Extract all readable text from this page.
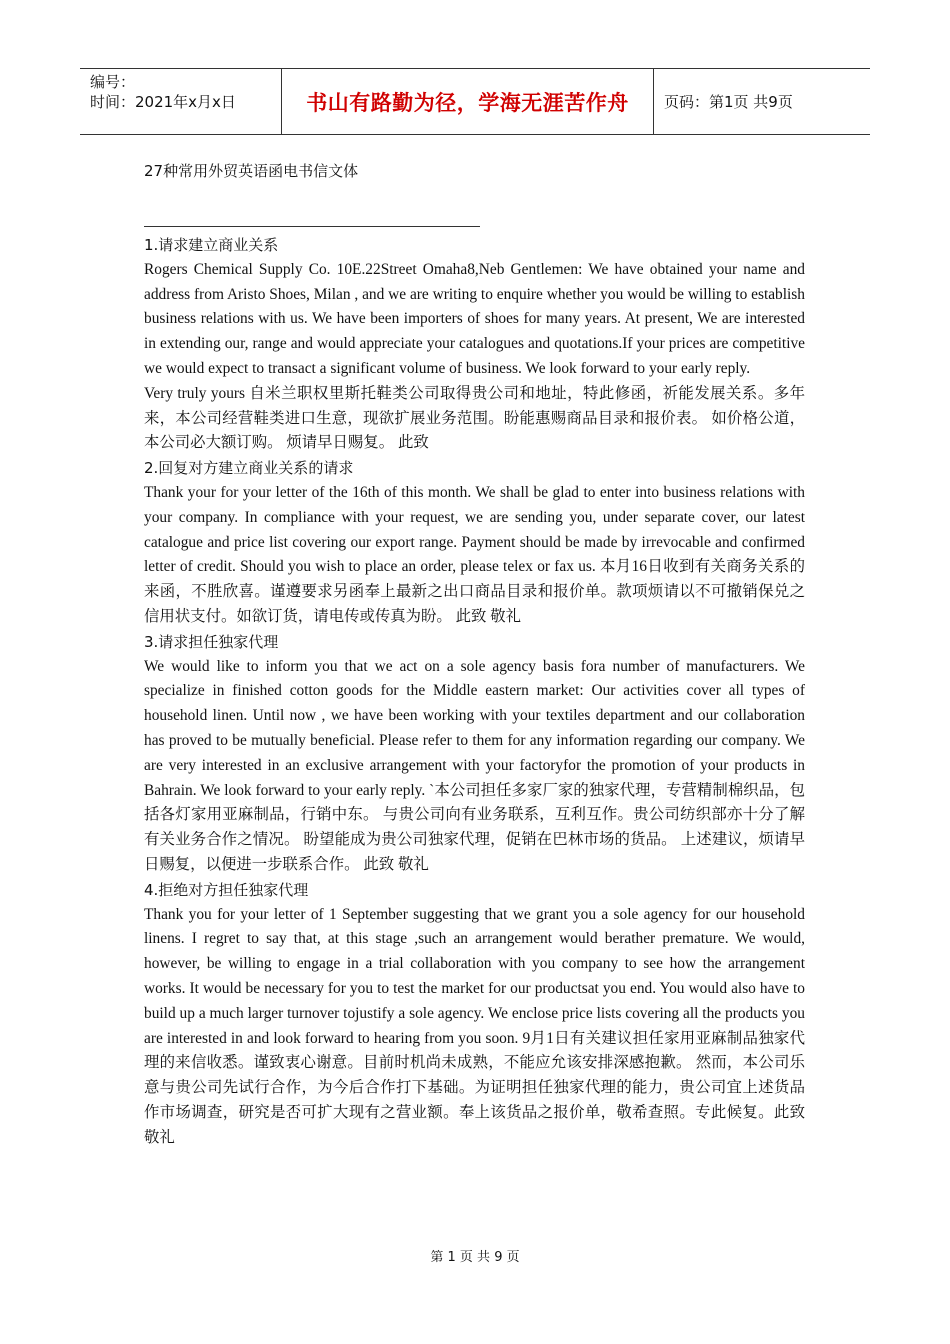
编号：
时间：2021年x月x日	书山有路勤为径，学海无涯苦作舟	页码：第1页 共9页
27种常用外贸英语函电书信文体

1.请求建立商业关系

Rogers Chemical Supply Co. 10E.22Street Omaha8,Neb Gentlemen: We have obtained your name and address from Aristo Shoes, Milan , and we are writing to enquire whether you would be willing to establish business relations with us. We have been importers of shoes for many years. At present, We are interested in extending our, range and would appreciate your catalogues and quotations.If your prices are competitive we would expect to transact a significant volume of business. We look forward to your early reply.

Very truly yours 自米兰职权里斯托鞋类公司取得贵公司和地址，特此修函，祈能发展关系。多年来，本公司经营鞋类进口生意，现欲扩展业务范围。盼能惠赐商品目录和报价表。 如价格公道，本公司必大额订购。 烦请早日赐复。 此致

2.回复对方建立商业关系的请求

Thank your for your letter of the 16th of this month. We shall be glad to enter into business relations with your company. In compliance with your request, we are sending you, under separate cover, our latest catalogue and price list covering our export range. Payment should be made by irrevocable and confirmed letter of credit. Should you wish to place an order, please telex or fax us. 本月16日收到有关商务关系的来函，不胜欣喜。谨遵要求另函奉上最新之出口商品目录和报价单。款项烦请以不可撤销保兑之信用状支付。如欲订货，请电传或传真为盼。 此致 敬礼

3.请求担任独家代理

We would like to inform you that we act on a sole agency basis fora number of manufacturers. We specialize in finished cotton goods for the Middle eastern market: Our activities cover all types of household linen. Until now , we have been working with your textiles department and our collaboration has proved to be mutually beneficial. Please refer to them for any information regarding our company. We are very interested in an exclusive arrangement with your factoryfor the promotion of your products in Bahrain. We look forward to your early reply. `本公司担任多家厂家的独家代理，专营精制棉织品，包括各灯家用亚麻制品，行销中东。 与贵公司向有业务联系，互利互作。贵公司纺织部亦十分了解有关业务合作之情况。 盼望能成为贵公司独家代理，促销在巴林市场的货品。 上述建议，烦请早日赐复，以便进一步联系合作。 此致 敬礼

4.拒绝对方担任独家代理

Thank you for your letter of 1 September suggesting that we grant you a sole agency for our household linens. I regret to say that, at this stage ,such an arrangement would berather premature. We would, however, be willing to engage in a trial collaboration with you company to see how the arrangement works. It would be necessary for you to test the market for our productsat you end. You would also have to build up a much larger turnover tojustify a sole agency. We enclose price lists covering all the products you are interested in and look forward to hearing from you soon. 9月1日有关建议担任家用亚麻制品独家代理的来信收悉。谨致衷心谢意。目前时机尚未成熟，不能应允该安排深感抱歉。 然而，本公司乐意与贵公司先试行合作，为今后合作打下基础。为证明担任独家代理的能力，贵公司宜上述货品作市场调查，研究是否可扩大现有之营业额。奉上该货品之报价单，敬希查照。专此候复。此致 敬礼

第 1 页 共 9 页
